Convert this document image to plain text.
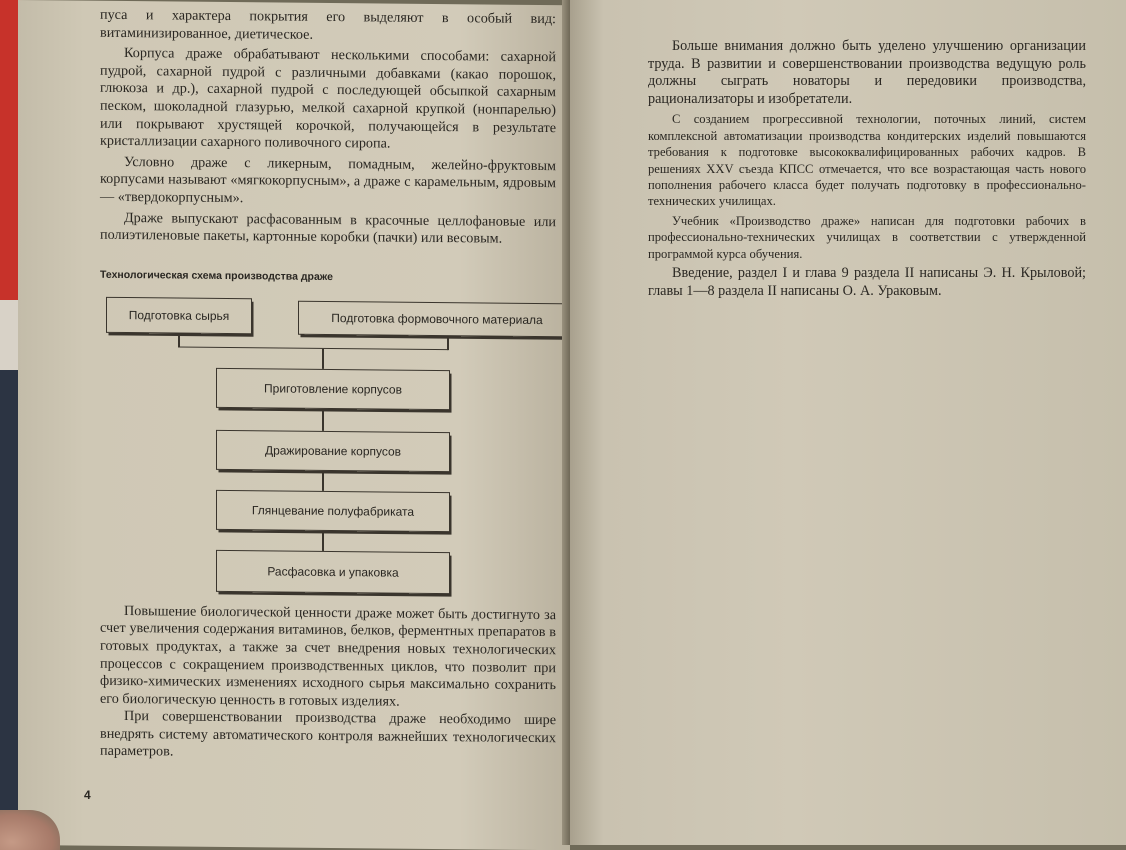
пуса и характера покрытия его выделяют в особый вид: витаминизированное, диетическое.

Корпуса драже обрабатывают несколькими способами: сахарной пудрой, сахарной пудрой с различными добавками (какао порошок, глюкоза и др.), сахарной пудрой с последующей обсыпкой сахарным песком, шоколадной глазурью, мелкой сахарной крупкой (нонпарелью) или покрывают хрустящей корочкой, получающейся в результате кристаллизации сахарного поливочного сиропа.

Условно драже с ликерным, помадным, желейно-фруктовым корпусами называют «мягкокорпусным», а драже с карамельным, ядровым — «твердокорпусным».

Драже выпускают расфасованным в красочные целлофановые или полиэтиленовые пакеты, картонные коробки (пачки) или весовым.

Технологическая схема производства драже
Подготовка сырья	Подготовка формовочного материала
Приготовление корпусов
Дражирование корпусов
Глянцевание полуфабриката
Расфасовка и упаковка

Повышение биологической ценности драже может быть достигнуто за счет увеличения содержания витаминов, белков, ферментных препаратов в готовых продуктах, а также за счет внедрения новых технологических процессов с сокращением производственных циклов, что позволит при физико-химических изменениях исходного сырья максимально сохранить его биологическую ценность в готовых изделиях.

При совершенствовании производства драже необходимо шире внедрять систему автоматического контроля важнейших технологических параметров.

4

Больше внимания должно быть уделено улучшению организации труда. В развитии и совершенствовании производства ведущую роль должны сыграть новаторы и передовики производства, рационализаторы и изобретатели.

С созданием прогрессивной технологии, поточных линий, систем комплексной автоматизации производства кондитерских изделий повышаются требования к подготовке высококвалифицированных рабочих кадров. В решениях XXV съезда КПСС отмечается, что все возрастающая часть нового пополнения рабочего класса будет получать подготовку в профессионально-технических училищах.

Учебник «Производство драже» написан для подготовки рабочих в профессионально-технических училищах в соответствии с утвержденной программой курса обучения.

Введение, раздел I и глава 9 раздела II написаны Э. Н. Крыловой; главы 1—8 раздела II написаны О. А. Ураковым.
